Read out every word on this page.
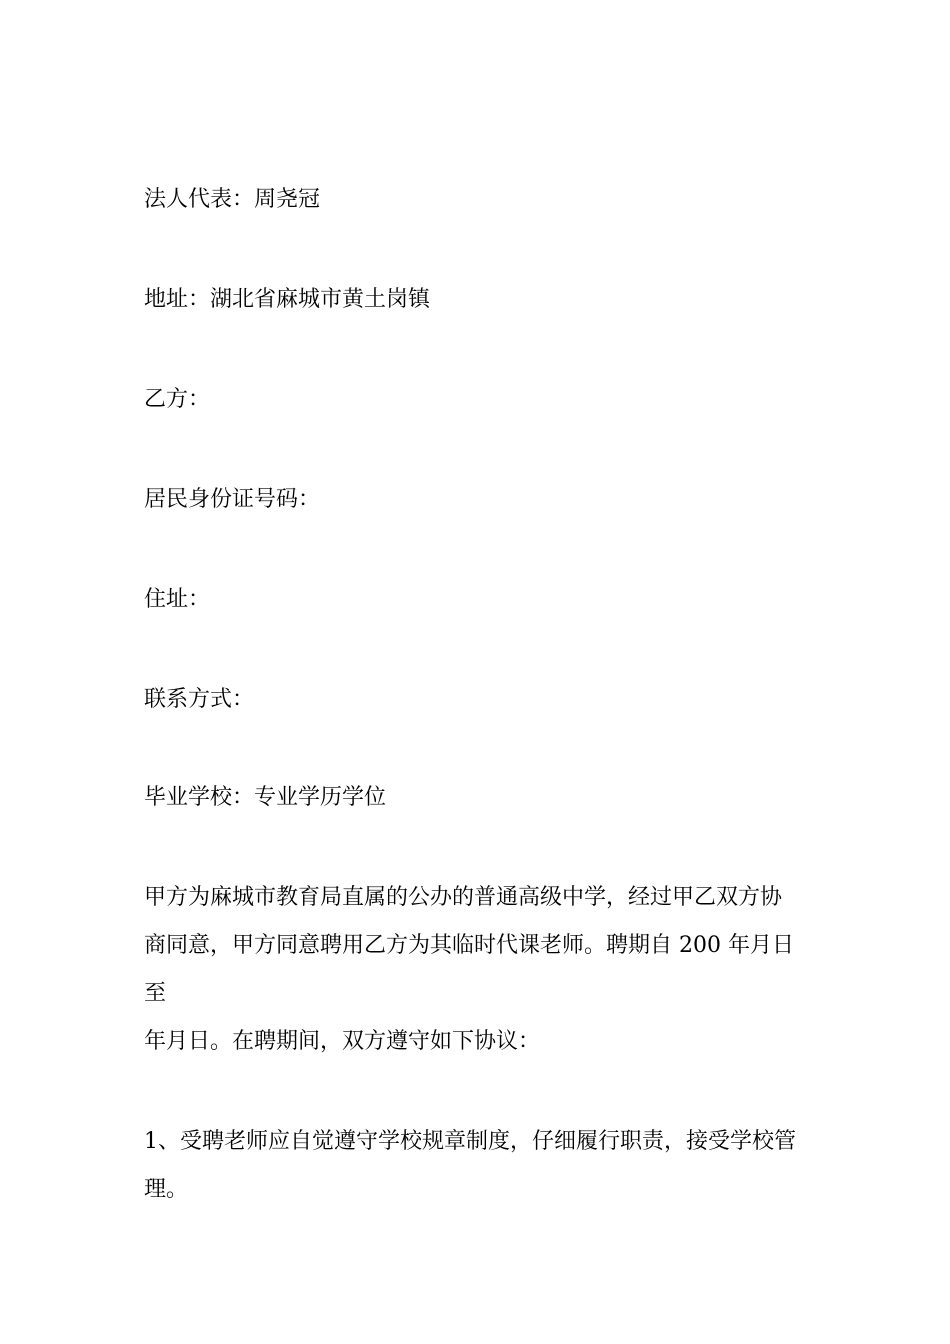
法人代表：周尧冠
地址：湖北省麻城市黄土岗镇
乙方：
居民身份证号码：
住址：
联系方式：
毕业学校：专业学历学位
甲方为麻城市教育局直属的公办的普通高级中学，经过甲乙双方协
商同意，甲方同意聘用乙方为其临时代课老师。聘期自 200 年月日
至
年月日。在聘期间，双方遵守如下协议：
1、受聘老师应自觉遵守学校规章制度，仔细履行职责，接受学校管
理。
